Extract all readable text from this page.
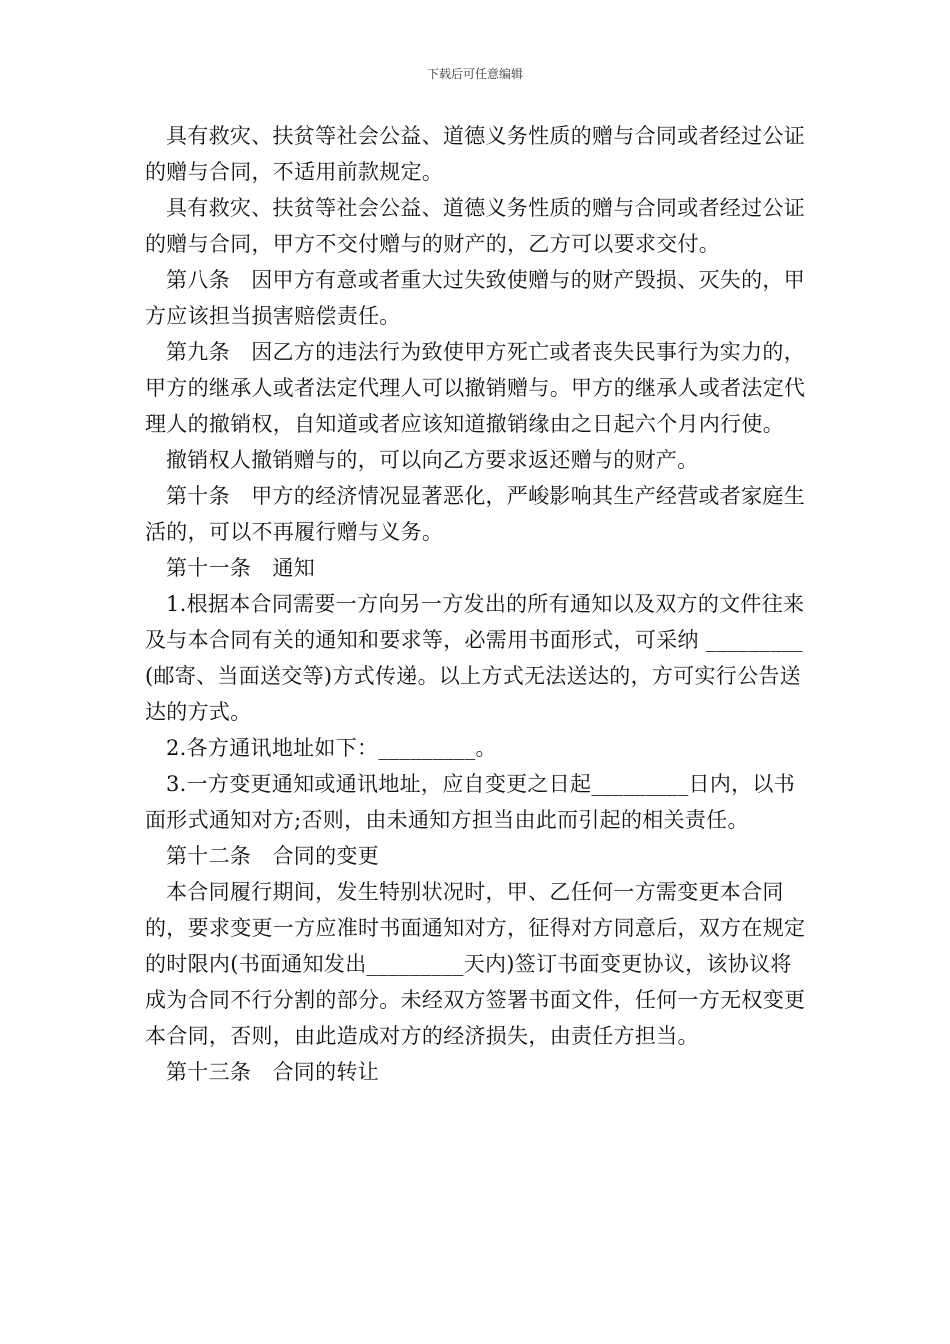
下载后可任意编辑

具有救灾、扶贫等社会公益、道德义务性质的赠与合同或者经过公证的赠与合同，不适用前款规定。

具有救灾、扶贫等社会公益、道德义务性质的赠与合同或者经过公证的赠与合同，甲方不交付赠与的财产的，乙方可以要求交付。

第八条　因甲方有意或者重大过失致使赠与的财产毁损、灭失的，甲方应该担当损害赔偿责任。

第九条　因乙方的违法行为致使甲方死亡或者丧失民事行为实力的，甲方的继承人或者法定代理人可以撤销赠与。甲方的继承人或者法定代理人的撤销权，自知道或者应该知道撤销缘由之日起六个月内行使。

撤销权人撤销赠与的，可以向乙方要求返还赠与的财产。

第十条　甲方的经济情况显著恶化，严峻影响其生产经营或者家庭生活的，可以不再履行赠与义务。

第十一条　通知

1.根据本合同需要一方向另一方发出的所有通知以及双方的文件往来及与本合同有关的通知和要求等，必需用书面形式，可采纳 _________(邮寄、当面送交等)方式传递。以上方式无法送达的，方可实行公告送达的方式。

2.各方通讯地址如下：_________。

3.一方变更通知或通讯地址，应自变更之日起_________日内，以书面形式通知对方;否则，由未通知方担当由此而引起的相关责任。

第十二条　合同的变更

本合同履行期间，发生特别状况时，甲、乙任何一方需变更本合同的，要求变更一方应准时书面通知对方，征得对方同意后，双方在规定的时限内(书面通知发出_________天内)签订书面变更协议，该协议将成为合同不行分割的部分。未经双方签署书面文件，任何一方无权变更本合同，否则，由此造成对方的经济损失，由责任方担当。

第十三条　合同的转让
